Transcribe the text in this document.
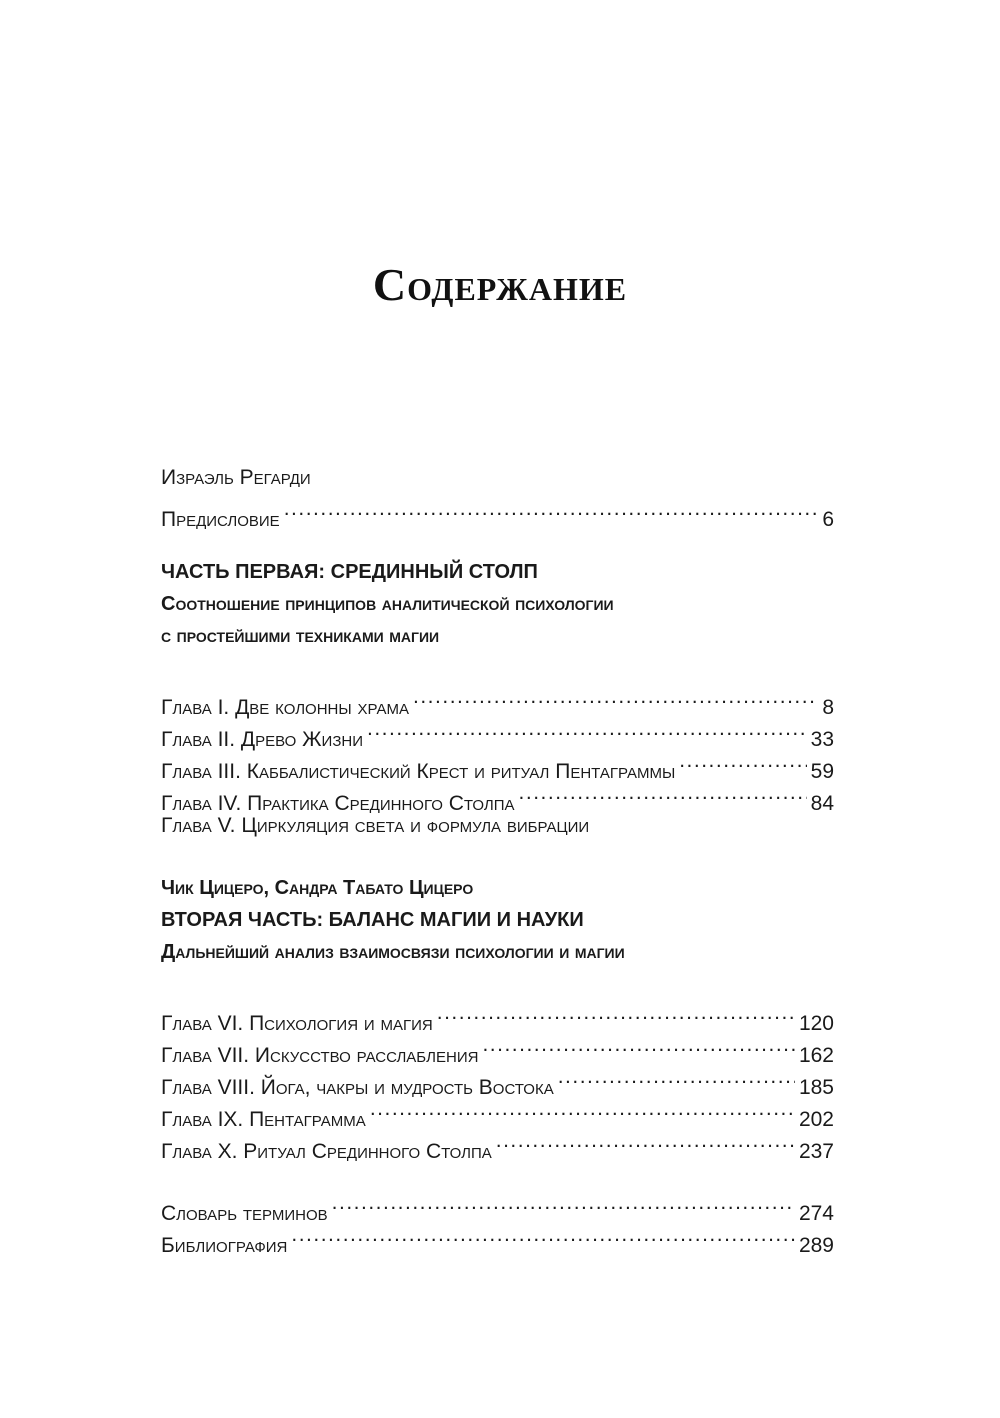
Содержание
Израэль Регарди
Предисловие .....	6
ЧАСТЬ ПЕРВАЯ: СРЕДИННЫЙ СТОЛП
Соотношение принципов аналитической психологии
с простейшими техниками магии
Глава I. Две колонны храма .....	8
Глава II. Древо Жизни .....	33
Глава III. Каббалистический Крест и ритуал Пентаграммы .....	59
Глава IV. Практика Срединного Столпа .....	84
Глава V. Циркуляция света и формула вибрации
Чик Цицеро, Сандра Табато Цицеро
ВТОРАЯ ЧАСТЬ: БАЛАНС МАГИИ И НАУКИ
Дальнейший анализ взаимосвязи психологии и магии
Глава VI. Психология и магия .....	120
Глава VII. Искусство расслабления .....	162
Глава VIII. Йога, чакры и мудрость Востока .....	185
Глава IX. Пентаграмма .....	202
Глава X. Ритуал Срединного Столпа .....	237
Словарь терминов .....	274
Библиография .....	289
